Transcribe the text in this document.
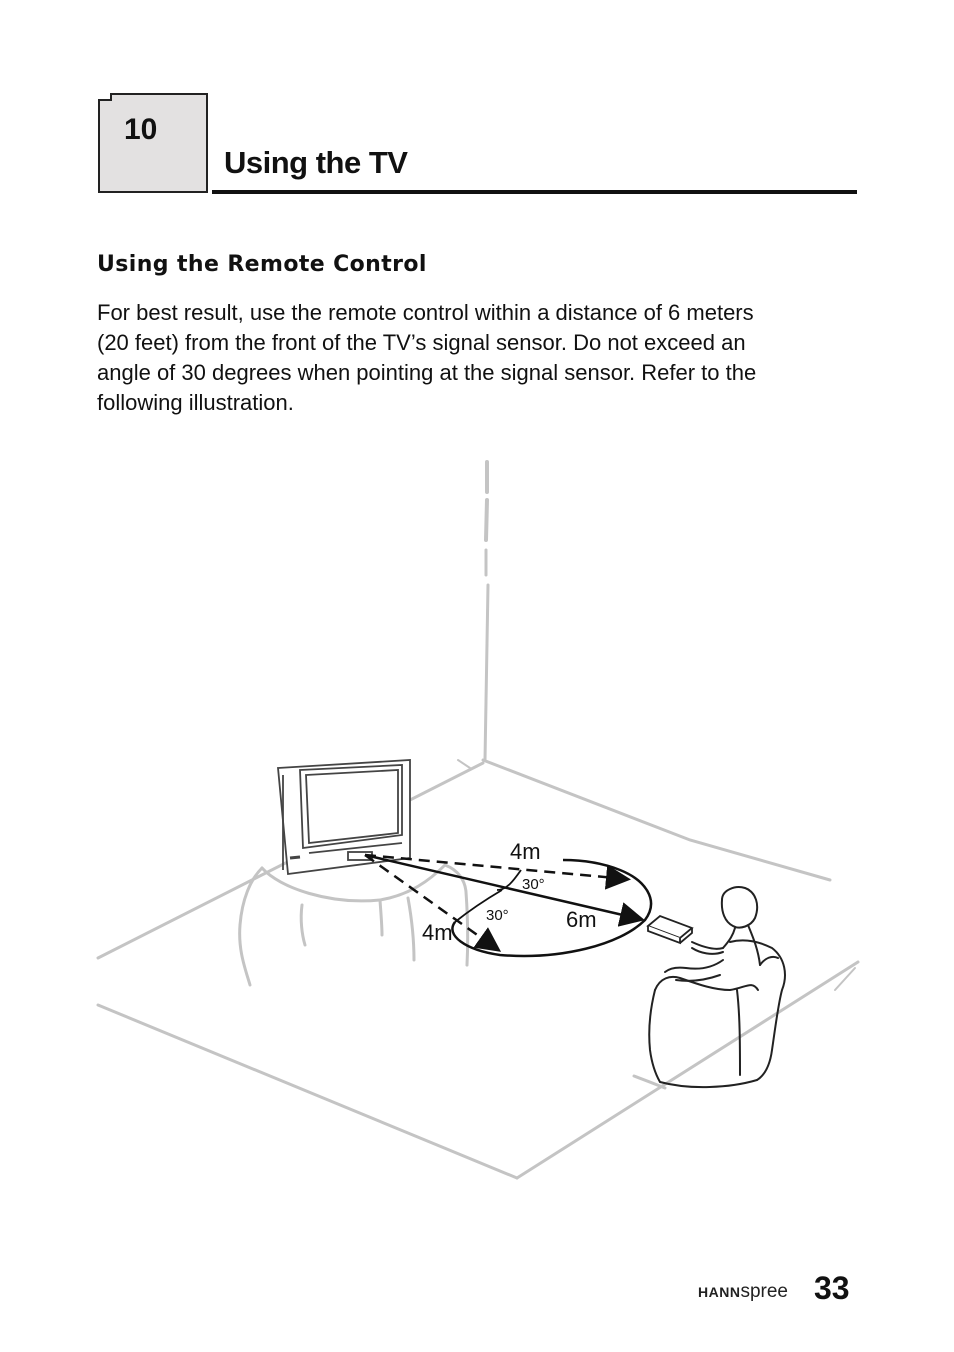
10
Using the TV
Using the Remote Control
For best result, use the remote control within a distance of 6 meters
(20 feet) from the front of the TV’s signal sensor. Do not exceed an
angle of 30 degrees when pointing at the signal sensor. Refer to the
following illustration.
4m
30°
30°	6m
4m
HANNspree 33
